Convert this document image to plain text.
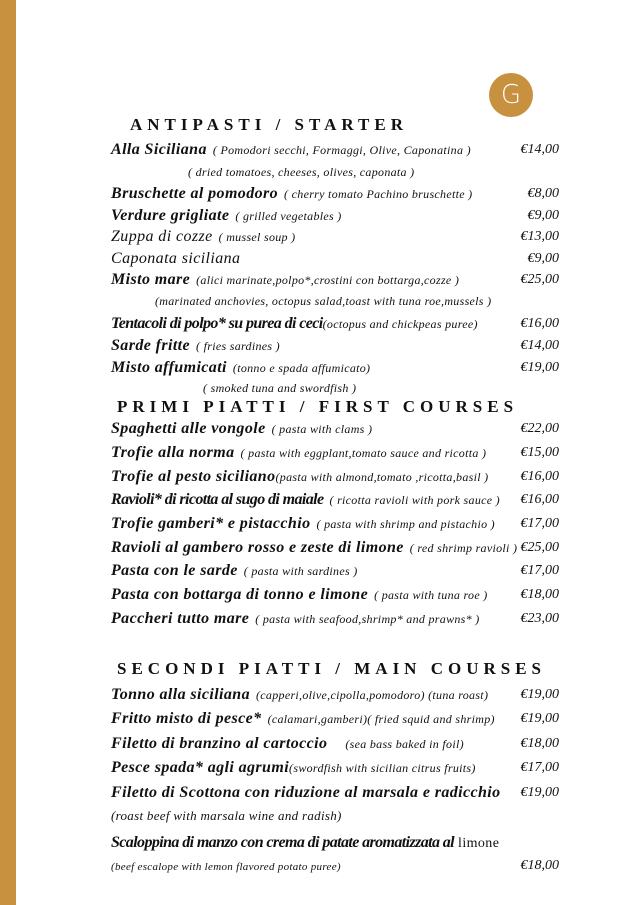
G
ANTIPASTI / STARTER
Alla Siciliana ( Pomodori secchi, Formaggi, Olive, Caponatina )	€14,00
( dried tomatoes, cheeses, olives, caponata )
Bruschette al pomodoro ( cherry tomato Pachino bruschette )	€8,00
Verdure grigliate ( grilled vegetables )	€9,00
Zuppa di cozze ( mussel soup )	€13,00
Caponata siciliana	€9,00
Misto mare (alici marinate,polpo*,crostini con bottarga,cozze )	€25,00
(marinated anchovies, octopus salad,toast with tuna roe,mussels )
Tentacoli di polpo* su purea di ceci(octopus and chickpeas puree)	€16,00
Sarde fritte ( fries sardines )	€14,00
Misto affumicati (tonno e spada affumicato)	€19,00
( smoked tuna and swordfish )
PRIMI PIATTI / FIRST COURSES
Spaghetti alle vongole ( pasta with clams )	€22,00
Trofie alla norma ( pasta with eggplant,tomato sauce and ricotta ) €15,00
Trofie al pesto siciliano(pasta with almond,tomato ,ricotta,basil ) €16,00
Ravioli* di ricotta al sugo di maiale ( ricotta ravioli with pork sauce ) €16,00
Trofie gamberi* e pistacchio ( pasta with shrimp and pistachio ) €17,00
Ravioli al gambero rosso e zeste di limone ( red shrimp ravioli ) €25,00
Pasta con le sarde ( pasta with sardines )	€17,00
Pasta con bottarga di tonno e limone ( pasta with tuna roe ) €18,00
Paccheri tutto mare ( pasta with seafood,shrimp* and prawns* )	€23,00
SECONDI PIATTI / MAIN COURSES
Tonno alla siciliana (capperi,olive,cipolla,pomodoro) (tuna roast) €19,00
Fritto misto di pesce* (calamari,gamberi)( fried squid and shrimp) €19,00
Filetto di branzino al cartoccio (sea bass baked in foil)	€18,00
Pesce spada* agli agrumi(swordfish with sicilian citrus fruits)	€17,00
Filetto di Scottona con riduzione al marsala e radicchio €19,00
(roast beef with marsala wine and radish)
Scaloppina di manzo con crema di patate aromatizzata al limone
(beef escalope with lemon flavored potato puree)	€18,00
